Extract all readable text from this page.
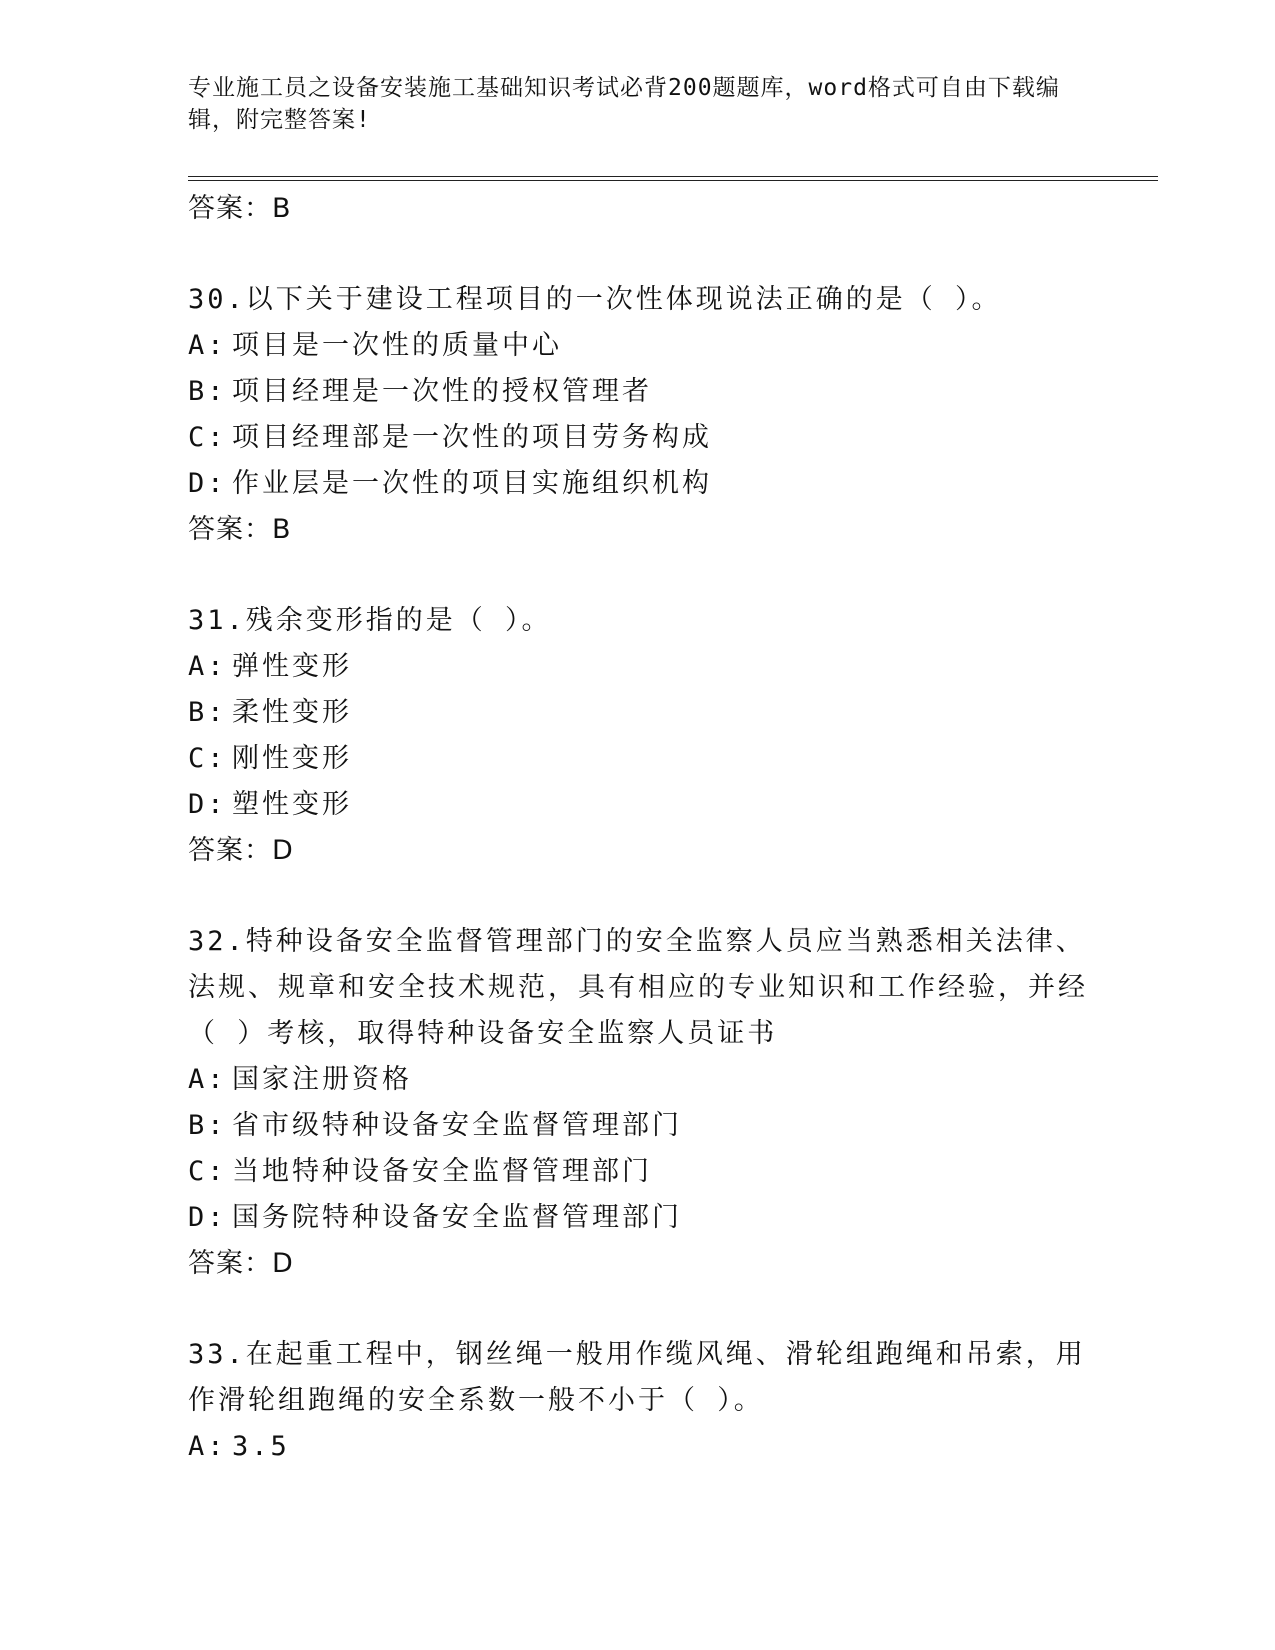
专业施工员之设备安装施工基础知识考试必背200题题库，word格式可自由下载编辑，附完整答案!
答案：B
30.以下关于建设工程项目的一次性体现说法正确的是（ ）。
A: 项目是一次性的质量中心
B: 项目经理是一次性的授权管理者
C: 项目经理部是一次性的项目劳务构成
D: 作业层是一次性的项目实施组织机构
答案：B
31.残余变形指的是（ ）。
A: 弹性变形
B: 柔性变形
C: 刚性变形
D: 塑性变形
答案：D
32.特种设备安全监督管理部门的安全监察人员应当熟悉相关法律、法规、规章和安全技术规范，具有相应的专业知识和工作经验，并经（ ）考核，取得特种设备安全监察人员证书
A: 国家注册资格
B: 省市级特种设备安全监督管理部门
C: 当地特种设备安全监督管理部门
D: 国务院特种设备安全监督管理部门
答案：D
33.在起重工程中，钢丝绳一般用作缆风绳、滑轮组跑绳和吊索，用作滑轮组跑绳的安全系数一般不小于（ ）。
A: 3.5
